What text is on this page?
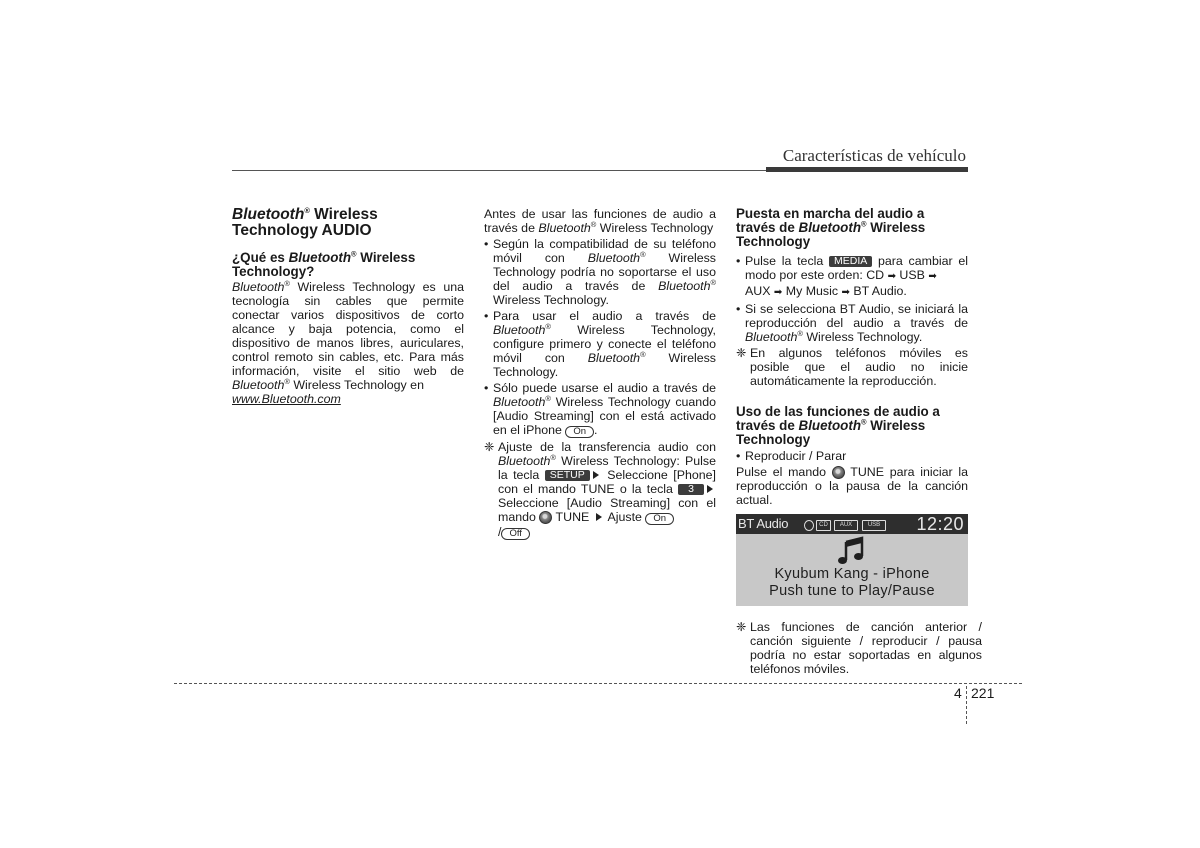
Características de vehículo
Bluetooth® Wireless
Technology AUDIO
¿Qué es Bluetooth® Wireless
Technology?

Bluetooth® Wireless Technology es una tecnología sin cables que permite conectar varios dispositivos de corto alcance y baja potencia, como el dispositivo de manos libres, auriculares, control remoto sin cables, etc. Para más información, visite el sitio web de Bluetooth® Wireless Technology en
www.Bluetooth.com

Antes de usar las funciones de audio a través de Bluetooth® Wireless Technology

• Según la compatibilidad de su teléfono móvil con Bluetooth® Wireless Technology podría no soportarse el uso del audio a través de Bluetooth® Wireless Technology.
• Para usar el audio a través de Bluetooth® Wireless Technology, configure primero y conecte el teléfono móvil con Bluetooth® Wireless Technology.
• Sólo puede usarse el audio a través de Bluetooth® Wireless Technology cuando [Audio Streaming] con el está activado en el iPhone On .
❈ Ajuste de la transferencia audio con Bluetooth® Wireless Technology: Pulse la tecla SETUP Seleccione [Phone] con el mando TUNE o la tecla 3 Seleccione [Audio Streaming] con el mando  TUNE  Ajuste On
/ Off
Puesta en marcha del audio a
través de Bluetooth® Wireless
Technology
• Pulse la tecla MEDIA para cambiar el modo por este orden: CD ➡ USB ➡
AUX ➡ My Music ➡ BT Audio.
• Si se selecciona BT Audio, se iniciará la reproducción del audio a través de Bluetooth® Wireless Technology.
❈ En algunos teléfonos móviles es posible que el audio no inicie automáticamente la reproducción.
Uso de las funciones de audio a
través de Bluetooth® Wireless
Technology
• Reproducir / Parar

Pulse el mando  TUNE para iniciar la reproducción o la pausa de la canción actual.

BT Audio	CD	AUX	USB	12:20
Kyubum Kang - iPhone
Push tune to Play/Pause
❈ Las funciones de canción anterior / canción siguiente / reproducir / pausa podría no estar soportadas en algunos teléfonos móviles.
4 221
